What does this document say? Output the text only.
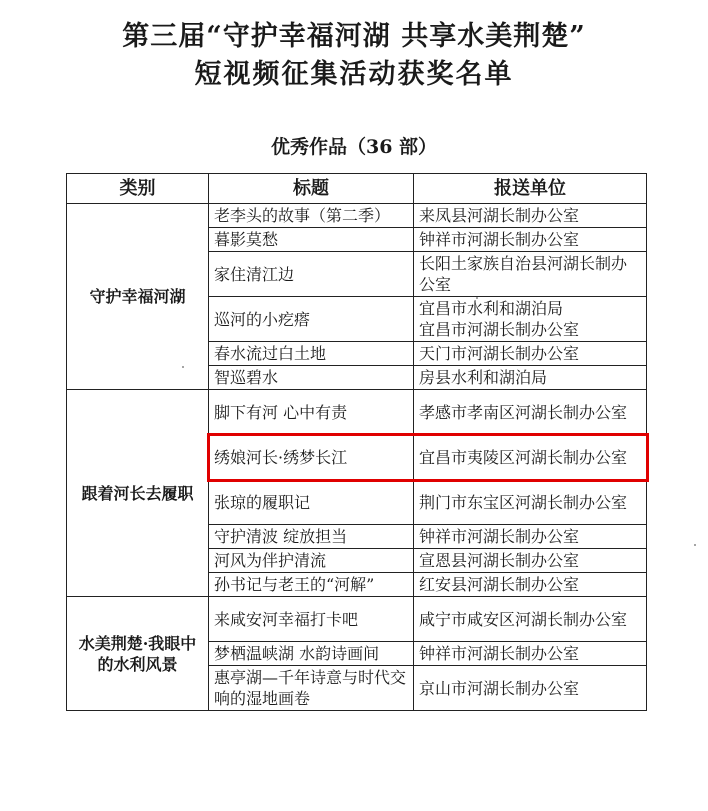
第三届“守护幸福河湖 共享水美荆楚”
短视频征集活动获奖名单
优秀作品（36 部）
类别	标题	报送单位
守护幸福河湖	老李头的故事（第二季）	来凤县河湖长制办公室
	暮影莫愁	钟祥市河湖长制办公室
	家住清江边	长阳土家族自治县河湖长制办公室
	巡河的小疙瘩	宜昌市水利和湖泊局
宜昌市河湖长制办公室
	春水流过白土地	天门市河湖长制办公室
	智巡碧水	房县水利和湖泊局
跟着河长去履职	脚下有河 心中有责	孝感市孝南区河湖长制办公室
	绣娘河长·绣梦长江	宜昌市夷陵区河湖长制办公室
	张琼的履职记	荆门市东宝区河湖长制办公室
	守护清波 绽放担当	钟祥市河湖长制办公室
	河风为伴护清流	宣恩县河湖长制办公室
	孙书记与老王的“河解”	红安县河湖长制办公室
水美荆楚·我眼中的水利风景	来咸安河幸福打卡吧	咸宁市咸安区河湖长制办公室
	梦栖温峡湖 水韵诗画间	钟祥市河湖长制办公室
	惠亭湖—千年诗意与时代交响的湿地画卷	京山市河湖长制办公室
